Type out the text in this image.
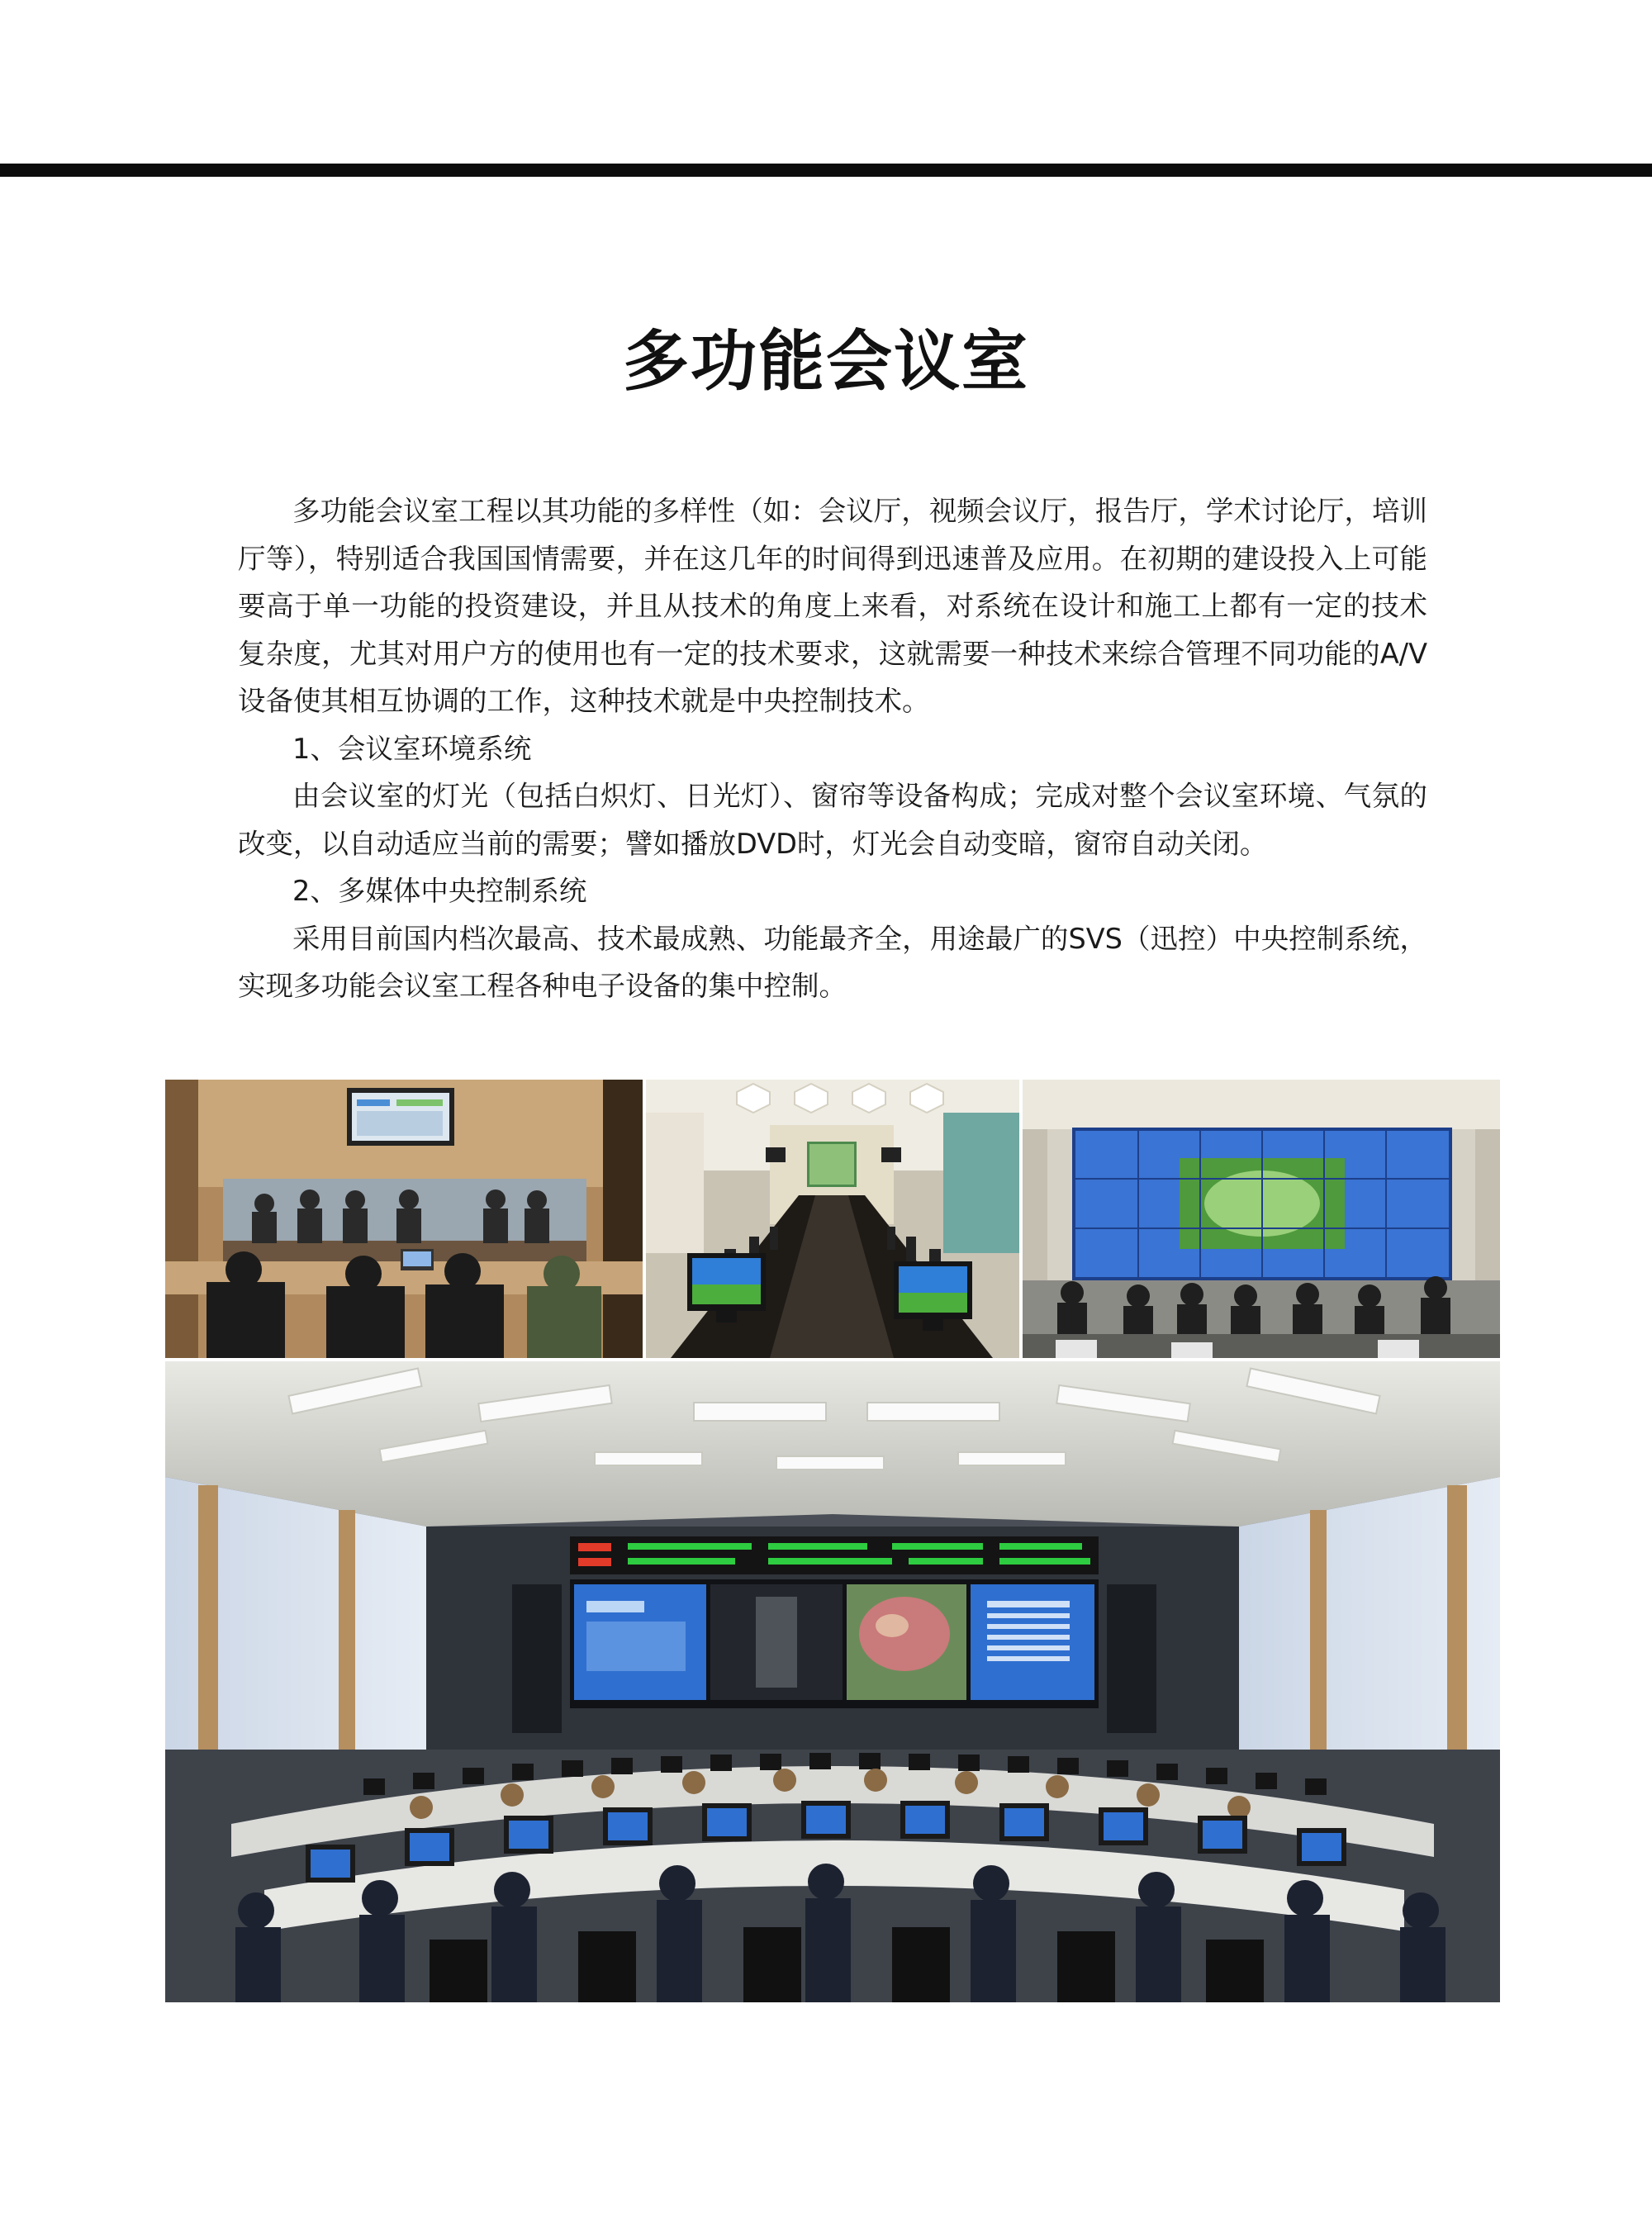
多功能会议室

多功能会议室工程以其功能的多样性（如：会议厅，视频会议厅，报告厅，学术讨论厅，培训厅等），特别适合我国国情需要，并在这几年的时间得到迅速普及应用。在初期的建设投入上可能要高于单一功能的投资建设，并且从技术的角度上来看，对系统在设计和施工上都有一定的技术复杂度，尤其对用户方的使用也有一定的技术要求，这就需要一种技术来综合管理不同功能的A/V设备使其相互协调的工作，这种技术就是中央控制技术。

1、会议室环境系统

由会议室的灯光（包括白炽灯、日光灯）、窗帘等设备构成；完成对整个会议室环境、气氛的改变，以自动适应当前的需要；譬如播放DVD时，灯光会自动变暗，窗帘自动关闭。

2、多媒体中央控制系统

采用目前国内档次最高、技术最成熟、功能最齐全，用途最广的SVS（迅控）中央控制系统，实现多功能会议室工程各种电子设备的集中控制。
